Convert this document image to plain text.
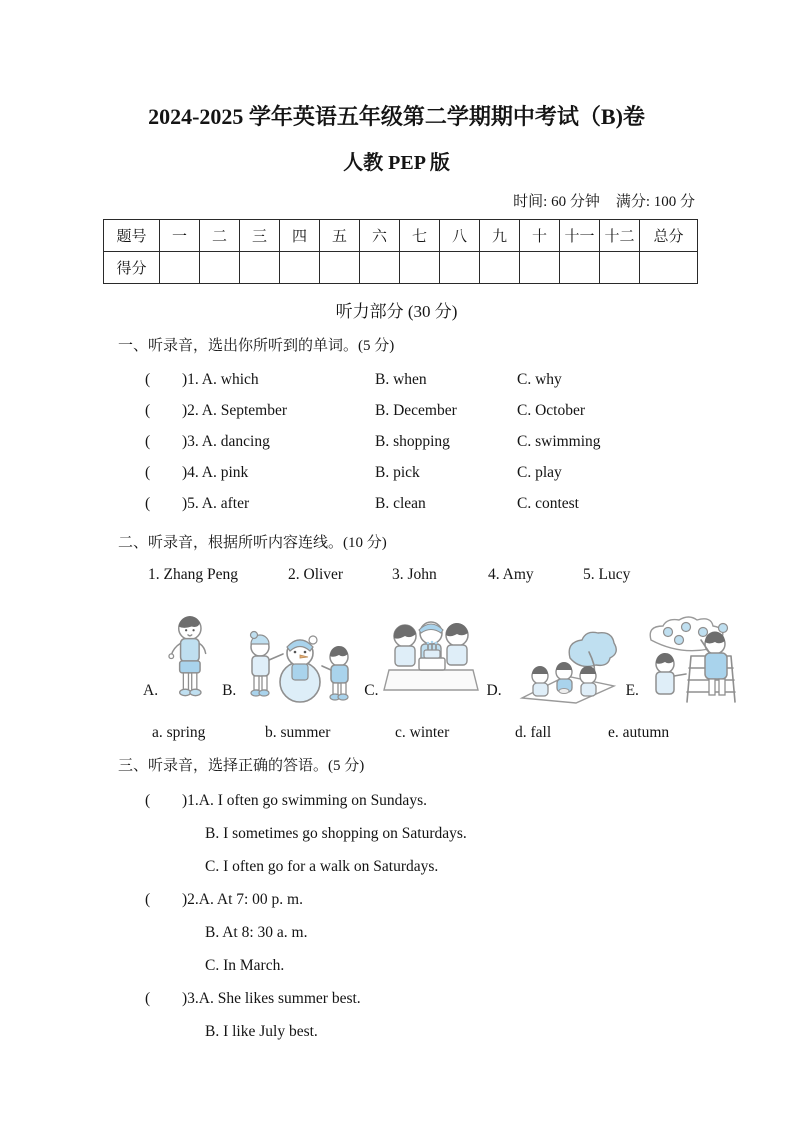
2024-2025 学年英语五年级第二学期期中考试（B)卷
人教 PEP 版
时间: 60 分钟 满分: 100 分
题号	一	二	三	四	五	六	七	八	九	十	十一	十二	总分
得分													
听力部分 (30 分)
一、听录音，选出你所听到的单词。(5 分)
(	)1. A. which	B. when	C. why
(	)2. A. September	B. December	C. October
(	)3. A. dancing	B. shopping	C. swimming
(	)4. A. pink	B. pick	C. play
(	)5. A. after	B. clean	C. contest
二、听录音，根据所听内容连线。(10 分)
1. Zhang Peng	2. Oliver	3. John	4. Amy	5. Lucy
A.	B.	C.	D.	E.
a. spring	b. summer	c. winter	d. fall	e. autumn
三、听录音，选择正确的答语。(5 分)
(	)1.A. I often go swimming on Sundays.
B. I sometimes go shopping on Saturdays.
C. I often go for a walk on Saturdays.
(	)2.A. At 7: 00 p. m.
B. At 8: 30 a. m.
C. In March.
(	)3.A. She likes summer best.
B. I like July best.
